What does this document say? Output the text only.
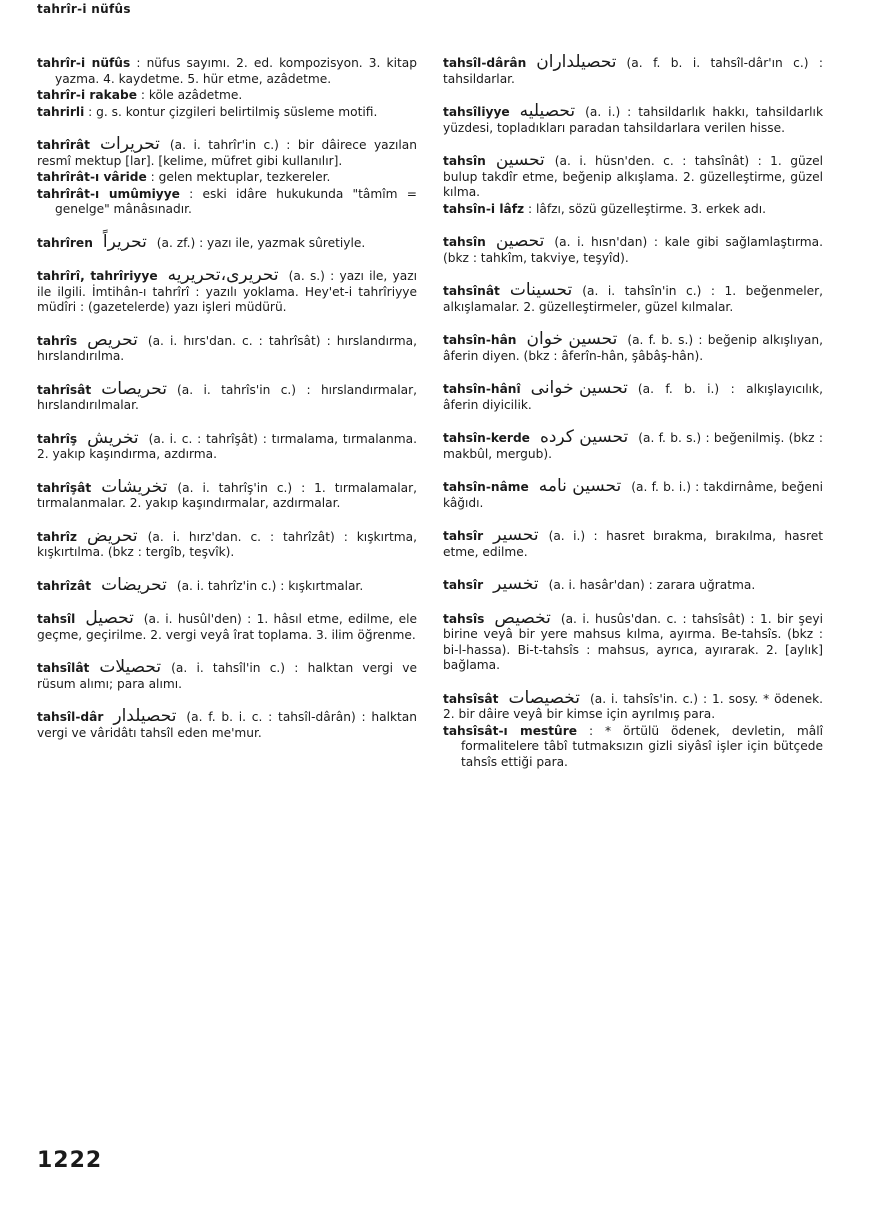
tahrîr-i nüfûs

tahrîr-i nüfûs : nüfus sayımı. 2. ed. kompozisyon. 3. kitap yazma. 4. kaydetme. 5. hür etme, azâdetme.

tahrîr-i rakabe : köle azâdetme.

tahrirli : g. s. kontur çizgileri belirtilmiş süsleme motifi.

tahrîrât تحريرات (a. i. tahrîr'in c.) : bir dâirece yazılan resmî mektup [lar]. [kelime, müfret gibi kullanılır].

tahrîrât-ı vâride : gelen mektuplar, tezkereler.

tahrîrât-ı umûmiyye : eski idâre hukukunda "tâmîm = genelge" mânâsınadır.

tahrîren تحريراً (a. zf.) : yazı ile, yazmak sûretiyle.

tahrîrî, tahrîriyye تحريرى،تحريريه (a. s.) : yazı ile, yazı ile ilgili. İmtihân-ı tahrîrî : yazılı yoklama. Hey'et-i tahrîriyye müdîri : (gazetelerde) yazı işleri müdürü.

tahrîs تحريص (a. i. hırs'dan. c. : tahrîsât) : hırslandırma, hırslandırılma.

tahrîsât تحريصات (a. i. tahrîs'in c.) : hırslandırmalar, hırslandırılmalar.

tahrîş تخريش (a. i. c. : tahrîşât) : tırmalama, tırmalanma. 2. yakıp kaşındırma, azdırma.

tahrîşât تخريشات (a. i. tahrîş'in c.) : 1. tırmalamalar, tırmalanmalar. 2. yakıp kaşındırmalar, azdırmalar.

tahrîz تحريض (a. i. hırz'dan. c. : tahrîzât) : kışkırtma, kışkırtılma. (bkz : tergîb, teşvîk).

tahrîzât تحريضات (a. i. tahrîz'in c.) : kışkırtmalar.

tahsîl تحصيل (a. i. husûl'den) : 1. hâsıl etme, edilme, ele geçme, geçirilme. 2. vergi veyâ îrat toplama. 3. ilim öğrenme.

tahsîlât تحصيلات (a. i. tahsîl'in c.) : halktan vergi ve rüsum alımı; para alımı.

tahsîl-dâr تحصيلدار (a. f. b. i. c. : tahsîl-dârân) : halktan vergi ve vâridâtı tahsîl eden me'mur.

tahsîl-dârân تحصيلداران (a. f. b. i. tahsîl-dâr'ın c.) : tahsildarlar.

tahsîliyye تحصيليه (a. i.) : tahsildarlık hakkı, tahsildarlık yüzdesi, topladıkları paradan tahsildarlara verilen hisse.

tahsîn تحسين (a. i. hüsn'den. c. : tahsînât) : 1. güzel bulup takdîr etme, beğenip alkışlama. 2. güzelleştirme, güzel kılma.

tahsîn-i lâfz : lâfzı, sözü güzelleştirme. 3. erkek adı.

tahsîn تحصين (a. i. hısn'dan) : kale gibi sağlamlaştırma. (bkz : tahkîm, takviye, teşyîd).

tahsînât تحسينات (a. i. tahsîn'in c.) : 1. beğenmeler, alkışlamalar. 2. güzelleştirmeler, güzel kılmalar.

tahsîn-hân تحسين خوان (a. f. b. s.) : beğenip alkışlıyan, âferin diyen. (bkz : âferîn-hân, şâbâş-hân).

tahsîn-hânî تحسين خوانى (a. f. b. i.) : alkışlayıcılık, âferin diyicilik.

tahsîn-kerde تحسين كرده (a. f. b. s.) : beğenilmiş. (bkz : makbûl, mergub).

tahsîn-nâme تحسين نامه (a. f. b. i.) : takdirnâme, beğeni kâğıdı.

tahsîr تحسير (a. i.) : hasret bırakma, bırakılma, hasret etme, edilme.

tahsîr تخسير (a. i. hasâr'dan) : zarara uğratma.

tahsîs تخصيص (a. i. husûs'dan. c. : tahsîsât) : 1. bir şeyi birine veyâ bir yere mahsus kılma, ayırma. Be-tahsîs. (bkz : bi-l-hassa). Bi-t-tahsîs : mahsus, ayrıca, ayırarak. 2. [aylık] bağlama.

tahsîsât تخصيصات (a. i. tahsîs'in. c.) : 1. sosy. * ödenek. 2. bir dâire veyâ bir kimse için ayrılmış para.

tahsîsât-ı mestûre : * örtülü ödenek, devletin, mâlî formalitelere tâbî tutmaksızın gizli siyâsî işler için bütçede tahsîs ettiği para.

1222
